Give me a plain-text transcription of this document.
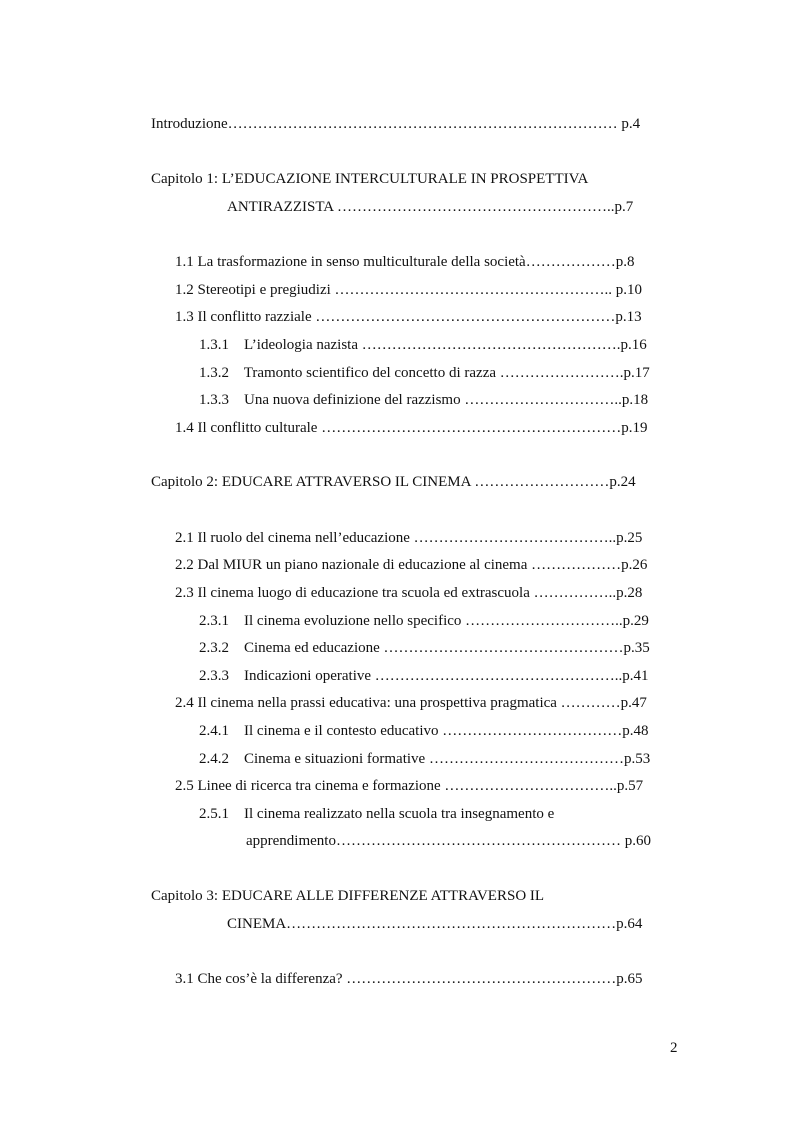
Introduzione…………………………………………………………………… p.4
Capitolo 1: L’EDUCAZIONE INTERCULTURALE IN PROSPETTIVA
ANTIRAZZISTA ………………………………………………..p.7
1.1 La trasformazione in senso multiculturale della società………………p.8
1.2 Stereotipi e pregiudizi ……………………………………………….. p.10
1.3 Il conflitto razziale ……………………………………………………p.13
1.3.1    L’ideologia nazista …………………………………………….p.16
1.3.2    Tramonto scientifico del concetto di razza …………………….p.17
1.3.3    Una nuova definizione del razzismo …………………………..p.18
1.4 Il conflitto culturale ……………………………………………………p.19
Capitolo 2: EDUCARE ATTRAVERSO IL CINEMA ………………………p.24
2.1 Il ruolo del cinema nell’educazione …………………………………..p.25
2.2 Dal MIUR un piano nazionale di educazione al cinema ………………p.26
2.3 Il cinema luogo di educazione tra scuola ed extrascuola ……………..p.28
2.3.1    Il cinema evoluzione nello specifico …………………………..p.29
2.3.2    Cinema ed educazione …………………………………………p.35
2.3.3    Indicazioni operative …………………………………………..p.41
2.4 Il cinema nella prassi educativa: una prospettiva pragmatica …………p.47
2.4.1    Il cinema e il contesto educativo ………………………………p.48
2.4.2    Cinema e situazioni formative …………………………………p.53
2.5 Linee di ricerca tra cinema e formazione ……………………………..p.57
2.5.1    Il cinema realizzato nella scuola tra insegnamento e
apprendimento………………………………………………… p.60
Capitolo 3: EDUCARE ALLE DIFFERENZE ATTRAVERSO IL
CINEMA…………………………………………………………p.64
3.1 Che cos’è la differenza? ………………………………………………p.65
2
